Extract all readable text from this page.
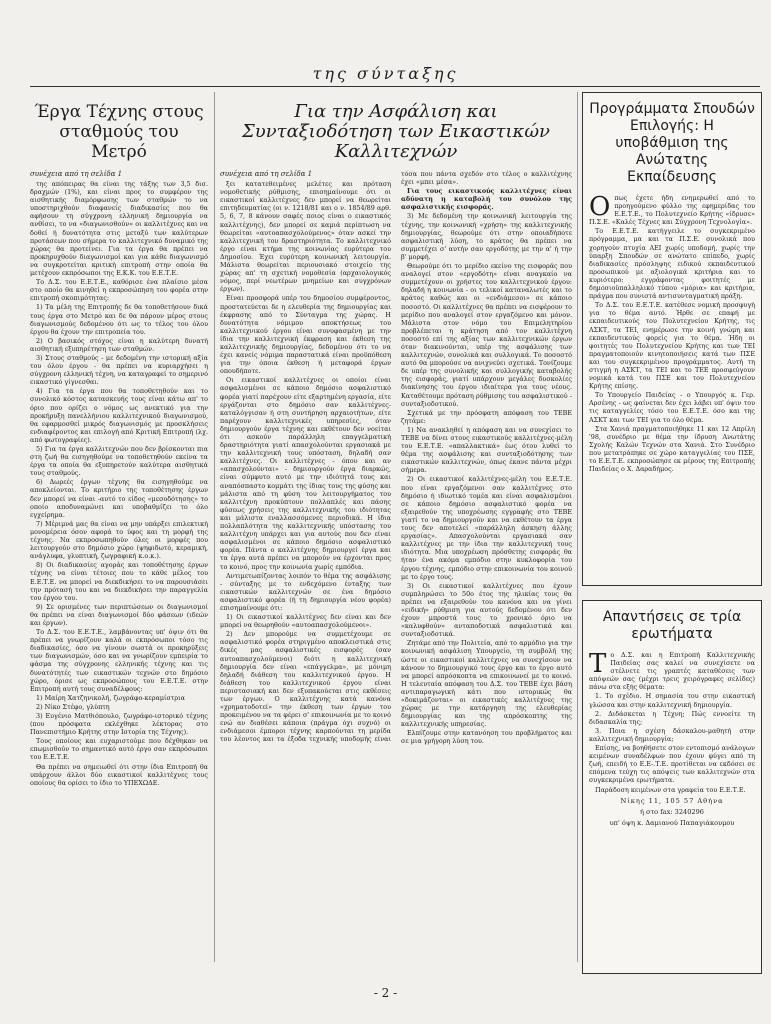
της σύνταξης
Έργα Τέχνης στους σταθμούς του Μετρό
συνέχεια από τη σελίδα 1

της απόπειρας θα είναι της τάξης των 3,5 δισ. δραχμών (1%), και είναι προς το συμφέρον της αισθητικής διαμόρφωσης των σταθμών το να υποστηριχθούν διαφανείς διαδικασίες που θα αφήσουν τη σύγχρονη ελληνική δημιουργία να ανθίσει, το να «διαγωνισθούν» οι καλλιτέχνες και να δοθεί ή δυνατότητα στις μεταξύ των καλύτερων προτάσεων που σήμερα το καλλιτεχνικό δυναμικό της χώρας θα προτείνει. Για τα έργα θα πρέπει να προκηρυχθούν διαγωνισμοί και για κάθε διαγωνισμό να συγκροτείται κριτική επιτροπή στην οποία θα μετέχουν εκπρόσωποι της Ε.Κ.Κ. του Ε.Ε.Τ.Ε.

Το Δ.Σ. του Ε.Ε.Τ.Ε., καθόρισε ένα πλαίσιο μέσα στο οποίο θα κινηθεί η εκπροσώπηση του φορέα στην επιτροπή σκοπιμότητας:

1) Τα μέλη της Επιτροπής δε θα τοποθετήσουν δικά τους έργα στο Μετρό και δε θα πάρουν μέρος στους διαγωνισμούς δεδομένου ότι ως το τέλος του όλου έργου θα έχουν την επιτροπεία του.

2) Ο βασικός στόχος είναι η καλύτερη δυνατή αισθητική εξυπηρέτηση των σταθμών.

3) Στους σταθμούς - με δεδομένη την ιστορική αξία του όλου έργου - θα πρέπει να κυριαρχήσει η σύγχρονη ελληνική τέχνη, να καταγραφεί το σημερινό εικαστικό γίγνεσθαι.

4) Για τα έργα που θα τοποθετηθούν και το συνολικό κόστος κατασκευής τους είναι κάτω απ' το όριο που ορίζει ο νόμος ως ανεκτικό για την προκήρυξη πανελλήνιου καλλιτεχνικού διαγωνισμού, θα εφαρμοσθεί μικρός διαγωνισμός με προσκλήσεις ενδιαφέροντος και επιλογή από Κριτική Επιτροπή (λχ. από φωτογραφίες).

5) Για τα έργα καλλιτεχνών που δεν βρίσκονται πια στη ζωή θα εισηγηθούμε να τοποθετηθούν εκείνα τα έργα τα οποία θα εξυπηρετούν καλύτερα αισθητικά τους σταθμούς.

6) Δωρεές έργων τέχνης θα εισηγηθούμε να αποκλείονται. Το κριτήριο της τοποθέτησης έργων δεν μπορεί να είναι -αυτό το είδος «μεσοδότησης» το οποίο αποδυναμώνει και υποβαθμίζει το όλο εγχείρημα.

7) Μέριμνά μας θα είναι να μην υπάρξει επιλεκτική μονομέρεια όσον αφορά το ύφος και τη μορφή της τέχνης. Να εκπροσωπηθούν όλες οι μορφές που λειτουργούν στο δημόσιο χώρο (ψηφιδωτό, κεραμική, ανάγλυφα, γλυπτική, ζωγραφική κ.ο.κ.).

8) Οι διαδικασίες αγοράς και τοποθέτησης έργων τέχνης να είναι τέτοιες που το κάθε μέλος του Ε.Ε.Τ.Ε. να μπορεί να διεκδικήσει το να παρουσιάσει την πρότασή του και να διεκδικήσει την παραγγελία του έργου του.

9) Σε ορισμένες των περιπτώσεων οι διαγωνισμοί θα πρέπει να είναι διαγωνισμοί δύο φάσεων (ιδεών και έργων).

Το Δ.Σ. του Ε.Ε.Τ.Ε., λαμβάνοντας υπ' όψιν ότι θα πρέπει να γνωρίζουν καλά οι εκπρόσωποι τόσο τις διαδικασίες, όσο να γίνουν σωστά οι προκηρύξεις των διαγωνισμών, όσο και να γνωρίζουν εμπειρία το φάσμα της σύγχρονης ελληνικής τέχνης και τις δυνατότητές των εικαστικών τεχνών στο δημόσιο χώρο, όρισε ως εκπροσώπους του Ε.Ε.Τ.Ε. στην Επιτροπή αυτή τους συναδέλφους:

1) Μαίρη Χατζηνικολή, ζωγράφο-κεραμίστρια

2) Νίκο Στέφο, γλύπτη

3) Ευγένιο Ματθιόπουλο, ζωγράφο-ιστορικό τέχνης (που πρόσφατα εκλέχθηκε λέκτορας στο Πανεπιστήμιο Κρήτης στην Ιστορία της Τέχνης).

Τους οποίους και ευχαριστούμε που δέχθηκαν να επωμισθούν το σημαντικό αυτό έργο σαν εκπρόσωποι του Ε.Ε.Τ.Ε.

Θα πρέπει να σημειωθεί ότι στην ίδια Επιτροπή θα υπάρχουν άλλοι δύο εικαστικοί καλλιτέχνες τους οποίους θα ορίσει το ίδιο το ΥΠΕΧΩΔΕ.

Για την Ασφάλιση και Συνταξιοδότηση των Εικαστικών Καλλιτεχνών
συνέχεια από τη σελίδα 1

ξει κατατεθειμένες μελέτες και πρόταση νομοθετικής ρύθμισης, επισημαίνουμε ότι οι εικαστικοί καλλιτέχνες δεν μπορεί να θεωρείται επιτηδευματίας (οι ν. 1218/81 και ο ν. 1854/89 αρθ. 5, 6, 7, 8 κάνουν σαφές ποιος είναι ο εικαστικός καλλιτέχνης), δεν μπορεί σε καμιά περίπτωση να θεωρείται «αυτοαπασχολούμενος» όταν ασκεί την καλλιτεχνική του δραστηριότητα. Το καλλιτεχνικό έργο είναι κτήμα της κοινωνίας ευρύτερα του Δημοσίου. Έχει ευρύτερη κοινωνική λειτουργία. Μάλιστα θεωρείται περιουσιακό στοιχείο της χώρας απ' τη σχετική νομοθεσία (αρχαιολογικός νόμος, περί νεωτέρων μνημείων και συγχρόνων έργων).

Είναι προσφορά υπέρ του δημοσίου συμφέροντος, προστατεύεται δε η ελευθερία της δημιουργίας και έκφρασης από το Σύνταγμα της χώρας. Η δυνατότητα νόμιμου αποκτήσεως του καλλιτεχνικού έργου είναι συνυφασμένη με την ίδια την καλλιτεχνική έκφραση και έκθεση της καλλιτεχνικής δημιουργίας, δεδομένου ότι το να έχει κανείς νόμιμα παραστατικά είναι προϋπόθεση για την όποια έκθεση ή μεταφορά έργων οπουδήποτε.

Οι εικαστικοί καλλιτέχνες οι οποίοι είναι ασφαλισμένοι σε κάποιο δημόσιο ασφαλιστικό φορέα γιατί παρέχουν είτε εξαρτημένη εργασία, είτε εργάζονται στο δημόσιο σαν καλλιτέχνες-καταλόγγισαν ή στη συντήρηση αρχαιοτήτων, είτε παρέχουν καλλιτεχνικές υπηρεσίες, όταν δημιουργούν έργα τέχνης και εκθέτουν δεν νοείται ότι ασκούν παράλληλη επαγγελματική δραστηριότητα γιατί απασχολούνται εργασιακά με την καλλιτεχνική τους υπόσταση, δηλαδή σαν καλλιτέχνες. Οι καλλιτέχνες - όπου και αν «απασχολούνται» - δημιουργούν έργα διαρκώς, είναι σύμφυτο αυτό με την ιδιότητά τους και αναπόσπαστο κομμάτι της ίδιας τους της φύσης και μάλιστα από τη φύση του λειτουργήματος του καλλιτέχνη προκύπτουν πολλαπλές και πάσης φύσεως χρήσεις της καλλιτεχνικής του ιδιότητας και μάλιστα εναλλασσόμενες περιοδικά. Η ίδια πολλαπλότητα της καλλιτεχνικής υπόστασης του καλλιτέχνη υπάρχει και για αυτούς που δεν είναι ασφαλισμένοι σε κάποιο δημόσιο ασφαλιστικό φορέα. Πάντα ο καλλιτέχνης δημιουργεί έργα και τα έργα αυτά πρέπει να μπορούν να έρχονται προς το κοινό, προς την κοινωνία χωρίς εμπόδια.

Αντιμετωπίζοντας λοιπόν το θέμα της ασφάλισης - σύνταξης με το ενδεχόμενο ένταξης των εικαστικών καλλιτεχνών σε ένα δημόσιο ασφαλιστικό φορέα (ή τη δημιουργία νέου φορέα) επισημαίνουμε ότι:

1) Οι εικαστικοί καλλιτέχνες δεν είναι και δεν μπορεί να θεωρηθούν «αυτοαπασχολούμενοι».

2) Δεν μπορούμε να συμμετέχουμε σε ασφαλιστικό φορέα στηριγμένο αποκλειστικά στις δικές μας ασφαλιστικές εισφορές (σαν αυτοαπασχολούμενοι) διότι η καλλιτεχνική δημιουργία δεν είναι «επάγγελμα», με μόνιμη δηλαδή διάθεση του καλλιτεχνικού έργου. Η διάθεση του καλλιτεχνικού έργου είναι περιστασιακή και δεν εξυπακούεται στις εκθέσεις των έργων. Ο καλλιτέχνης κατά κανόνα «χρηματοδοτεί» την έκθεση των έργων του προκειμένου να τα φέρει σ' επικοινωνία με το κοινό ενώ αν διαθέσει κάποια (πράγμα όχι συχνό) οι ενδιάμεσοι έμποροι τέχνης καρπούνται τη μερίδα του λέοντος και τα έξοδα τεχνικής υποδομής είναι τόσα που πάντα σχεδόν στο τέλος ο καλλιτέχνης έχει «μπει μέσα».

Για τους εικαστικούς καλλιτέχνες είναι αδύνατη η καταβολή του συνόλου της ασφαλιστικής εισφοράς.

3) Με δεδομένη την κοινωνική λειτουργία της τέχνης, την κοινωνική «χρήση» της καλλιτεχνικής δημιουργίας, θεωρούμε ότι στην οποιαδήποτε ασφαλιστική λύση, το κράτος θα πρέπει να συμμετέχει σ' αυτήν σαν εργοδότης με την α' ή την β' μορφή.

Θεωρούμε ότι το μερίδιο εκείνο της εισφοράς που αναλογεί στον «εργοδότη» είναι αναγκαίο να συμμετέχουν οι χρήστες του καλλιτεχνικού έργου: δηλαδή η κοινωνία - οι τελικοί καταναλωτές και το κράτος καθώς και οι «ενδιάμεσοι» σε κάποιο ποσοστό. Οι καλλιτέχνες θα πρέπει να εισφέρουν το μερίδιο που αναλογεί στον εργαζόμενο και μόνον. Μάλιστα στον νόμο του Επιμελητηρίου προβλέπεται η κράτηση από τον καλλιτέχνη ποσοστό επί της αξίας των καλλιτεχνικών έργων όταν διακινούνται, υπέρ της ασφάλισης των καλλιτεχνών, συνολικά και συλλογικά. Το ποσοστό αυτό θα μπορούσε να ανιχνεύει σχετικά. Τονίζουμε δε υπέρ της συνολικής και συλλογικής καταβολής της εισφοράς, γιατί υπάρχουν μεγάλες δυσκολίες διακίνησης του έργου ιδιαίτερα για τους νέους. Καταθέτουμε πρόταση ρύθμισης του ασφαλιστικού - συνταξιοδοτικού.

Σχετικά με την πρόσφατη απόφαση του ΤΕΒΕ ζητάμε:

1) Να ανακληθεί η απόφαση και να συνεχίσει το ΤΕΒΕ να δίνει στους εικαστικούς καλλιτέχνες-μέλη του Ε.Ε.Τ.Ε. «απαλλακτικά» έως ότου λυθεί το θέμα της ασφάλισης και συνταξιοδότησης των εικαστικών καλλιτεχνών, όπως έκανε πάντα μέχρι σήμερα.

2) Οι εικαστικοί καλλιτέχνες-μέλη του Ε.Ε.Τ.Ε. που είναι εργαζόμενοι σαν καλλιτέχνες στο δημόσιο ή ιδιωτικό τομέα και είναι ασφαλισμένοι σε κάποιο δημόσιο ασφαλιστικό φορέα να εξαιρεθούν της υποχρέωσης εγγραφής στο ΤΕΒΕ γιατί το να δημιουργούν και να εκθέτουν τα έργα τους δεν αποτελεί «παράλληλη άσκηση άλλης εργασίας». Απασχολούνται εργασιακά σαν καλλιτέχνες με την ίδια την καλλιτεχνική τους ιδιότητα. Μια υποχρέωση πρόσθετης εισφοράς θα ήταν ένα ακόμα εμπόδιο στην κυκλοφορία του έργου τέχνης, εμπόδιο στην επικοινωνία του κοινού με το έργο τους.

3) Οι εικαστικοί καλλιτέχνες που έχουν συμπληρώσει το 50ο έτος της ηλικίας τους θα πρέπει να εξαιρεθούν του κανόνα και να γίνει «ειδική» ρύθμιση για αυτούς δεδομένου ότι δεν έχουν μπροστά τους το χρονικό όριο να «καλυφθούν» ανταποδοτικά ασφαλιστικά και συνταξιοδοτικά.

Ζητάμε από την Πολιτεία, από το αρμόδιο για την κοινωνική ασφάλιση Υπουργείο, τη συμβολή της ώστε οι εικαστικοί καλλιτέχνες να συνεχίσουν να κάνουν το δημιουργικό τους έργο και το έργο αυτό να μπορεί απρόσκοπτα να επικοινωνεί με το κοινό. Η τελευταία απόφαση του Δ.Σ. του ΤΕΒΕ έχει βάση αντιπαραγωγική κάτι που ιστορικώς θα «δοκιμάζονται» οι εικαστικές καλλιτέχνες της χώρας με την κατάργηση της ελευθερίας δημιουργίας και της απρόσκοπτης της καλλιτεχνικής υπηρεσίας.

Ελπίζουμε στην κατανόηση του προβλήματος και σε μια γρήγορη λύση του.

Προγράμματα Σπουδών Επιλογής: Η υποβάθμιση της Ανώτατης Εκπαίδευσης
Ο πως έχετε ήδη ενημερωθεί από το προηγούμενο φύλλο της εφημερίδας του Ε.Ε.Τ.Ε., το Πολυτεχνείο Κρήτης «ίδρυσε» Π.Σ.Ε. «Καλές Τέχνες και Σύγχρονη Τεχνολογία».

Το Ε.Ε.Τ.Ε. κατήγγειλε το συγκεκριμένο πρόγραμμα, μα και τα Π.Σ.Ε. συνολικά που χορηγούν πτυχία ΑΕΙ χωρίς υποδομή, χωρίς την ύπαρξη Σπουδών σε ανώτατο επίπεδο, χωρίς διαδικασίες πρόσληψης ειδικού εκπαιδευτικού προσωπικού με αξιολογικά κριτήρια και το κυριότερο: εγγράφοντας φοιτητές με δημοσιοϋπαλληλικό τύπου «μόρια» και κριτήρια, πράγμα που συνιστά αντισυνταγματική πράξη.

Το Δ.Σ. του Ε.Ε.Τ.Ε. κατέθεσε νομική προσφυγή για το θέμα αυτό. Ήρθε σε επαφή με εκπαιδευτικούς του Πολυτεχνείου Κρήτης, τις ΑΣΚΤ, τα ΤΕΙ, ενημέρωσε την κοινή γνώμη και εκπαιδευτικούς φορείς για το θέμα. Ήδη οι φοιτητές του Πολυτεχνείου Κρήτης και των ΤΕΙ πραγματοποιούν κινητοποιήσεις κατά των ΠΣΕ και του συγκεκριμένου προγράμματος. Αυτή τη στιγμή η ΑΣΚΤ, τα ΤΕΙ και το ΤΕΕ προσφεύγουν νομικά κατά του ΠΣΕ και του Πολυτεχνείου Κρήτης επίσης.

Το Υπουργείο Παιδείας - ο Υπουργός κ. Γερ. Αρσένης - ως φαίνεται δεν έχει λάβει υπ' όψιν του τις καταγγελίες τόσο του Ε.Ε.Τ.Ε. όσο και της ΑΣΚΤ και των ΤΕΙ για το όλο θέμα.

Στα Χανιά πραγματοποιήθηκε 11 και 12 Απρίλη '98, συνέδριο με θέμα την ίδρυση Ανωτάτης Σχολής Καλών Τεχνών στα Χανιά. Στο Συνέδριο που μετατράπηκε σε χώρο καταγγελίας του ΠΣΕ, το Ε.Ε.Τ.Ε. εκπροσώπησε εκ μέρους της Επιτροπής Παιδείας ο Χ. Δαραδήμος.

Απαντήσεις σε τρία ερωτήματα
Τ ο Δ.Σ. και η Επιτροπή Καλλιτεχνικής Παιδείας σας καλεί να συνεχίσετε να στέλνετε τις γραπτές καταθέσεις των απόψεών σας (μέχρι τρεις χειρόγραφες σελίδες) πάνω στα εξής θέματα:

1. Το σχέδιο. Η σημασία του στην εικαστική γλώσσα και στην καλλιτεχνική δημιουργία.

2. Διδάσκεται η Τέχνη; Πώς εννοείτε τη διδασκαλία της;

3. Ποια η σχέση δάσκαλου-μαθητή στην καλλιτεχνική δημιουργία;

Επίσης, να βοηθήσετε στον εντοπισμό ανάλογων κειμένων συναδέλφων που έχουν φύγει από τη ζωή, επειδή το Ε.Ε-.Τ.Ε. προτίθεται να εκδόσει σε επόμενα τεύχη τις απόψεις των καλλιτεχνών στα συγκεκριμένα ερωτήματα.

Παράδοση κειμένων στα γραφεία του Ε.Ε.Τ.Ε.

Νίκης 11, 105 57 Αθήνα
ή στο fax: 3240296
υπ' όψη κ. Δαμιανού Παπαγιάκουμου
- 2 -
